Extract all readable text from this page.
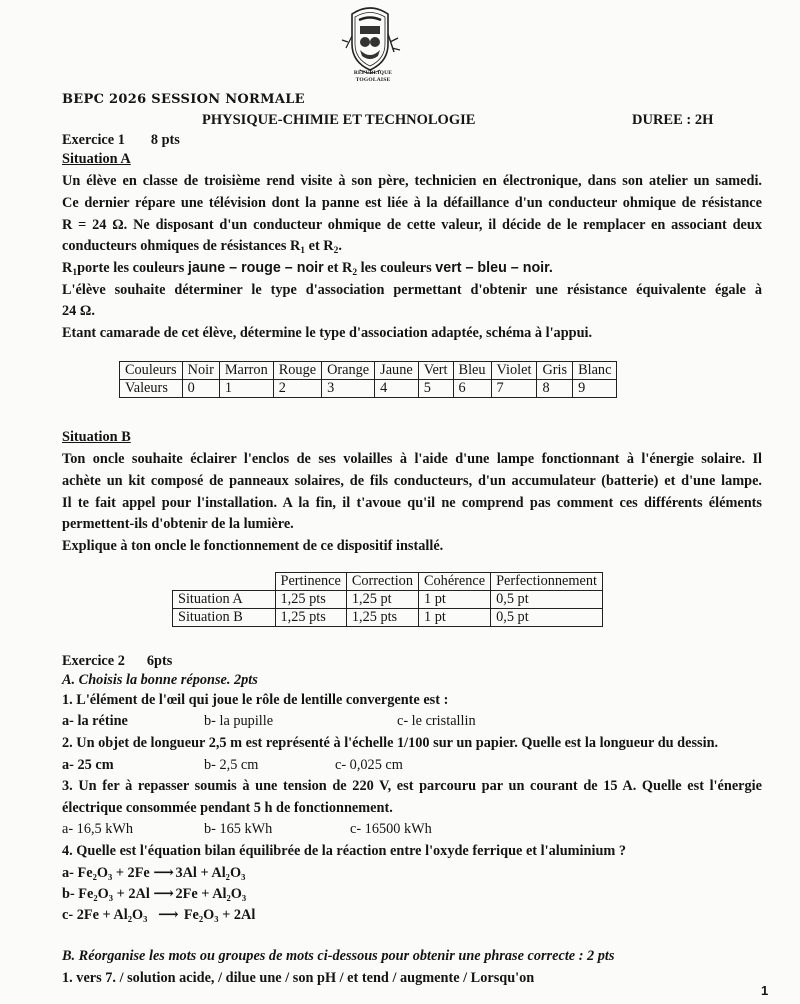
RÉPUBLIQUE TOGOLAISE
BEPC 2026 SESSION NORMALE
PHYSIQUE-CHIMIE ET TECHNOLOGIE	DUREE : 2H
Exercice 1 8 pts
Situation A
Un élève en classe de troisième rend visite à son père, technicien en électronique, dans son atelier un samedi.
Ce dernier répare une télévision dont la panne est liée à la défaillance d'un conducteur ohmique de résistance
R = 24 Ω. Ne disposant d'un conducteur ohmique de cette valeur, il décide de le remplacer en associant deux
conducteurs ohmiques de résistances $R_1$ et $R_2$.
$R_1porte$ les couleurs jaune – rouge – noir et $R_2$ les couleurs vert – bleu – noir.
L'élève souhaite déterminer le type d'association permettant d'obtenir une résistance équivalente égale à
24 Ω.
Etant camarade de cet élève, détermine le type d'association adaptée, schéma à l'appui.
Couleurs	Noir	Marron	Rouge	Orange	Jaune	Vert	Bleu	Violet	Gris	Blanc
Valeurs	0	1	2	3	4	5	6	7	8	9
Situation B
Ton oncle souhaite éclairer l'enclos de ses volailles à l'aide d'une lampe fonctionnant à l'énergie solaire. Il
achète un kit composé de panneaux solaires, de fils conducteurs, d'un accumulateur (batterie) et d'une lampe.
Il te fait appel pour l'installation. A la fin, il t'avoue qu'il ne comprend pas comment ces différents éléments
permettent-ils d'obtenir de la lumière.
Explique à ton oncle le fonctionnement de ce dispositif installé.
	Pertinence	Correction	Cohérence	Perfectionnement
Situation A	1,25 pts	1,25 pt	1 pt	0,5 pt
Situation B	1,25 pts	1,25 pts	1 pt	0,5 pt
Exercice 2 6pts
A. Choisis la bonne réponse. 2pts
1. L'élément de l'œil qui joue le rôle de lentille convergente est :
a- la rétine	b- la pupille	c- le cristallin
2. Un objet de longueur 2,5 m est représenté à l'échelle 1/100 sur un papier. Quelle est la longueur du dessin.
a- 25 cm	b- 2,5 cm	c- 0,025 cm
3. Un fer à repasser soumis à une tension de 220 V, est parcouru par un courant de 15 A. Quelle est l'énergie
électrique consommée pendant 5 h de fonctionnement.
a- 16,5 kWh	b- 165 kWh	c- 16500 kWh
4. Quelle est l'équation bilan équilibrée de la réaction entre l'oxyde ferrique et l'aluminium ?
a- Fe₂O₃ + 2Fe ⟶ 3Al + Al₂O₃
b- Fe₂O₃ + 2Al ⟶ 2Fe + Al₂O₃
c- 2Fe + Al₂O₃ ⟶ Fe₂O₃ + 2Al
B. Réorganise les mots ou groupes de mots ci-dessous pour obtenir une phrase correcte : 2 pts
1. vers 7. / solution acide, / dilue une / son pH / et tend / augmente / Lorsqu'on
1
